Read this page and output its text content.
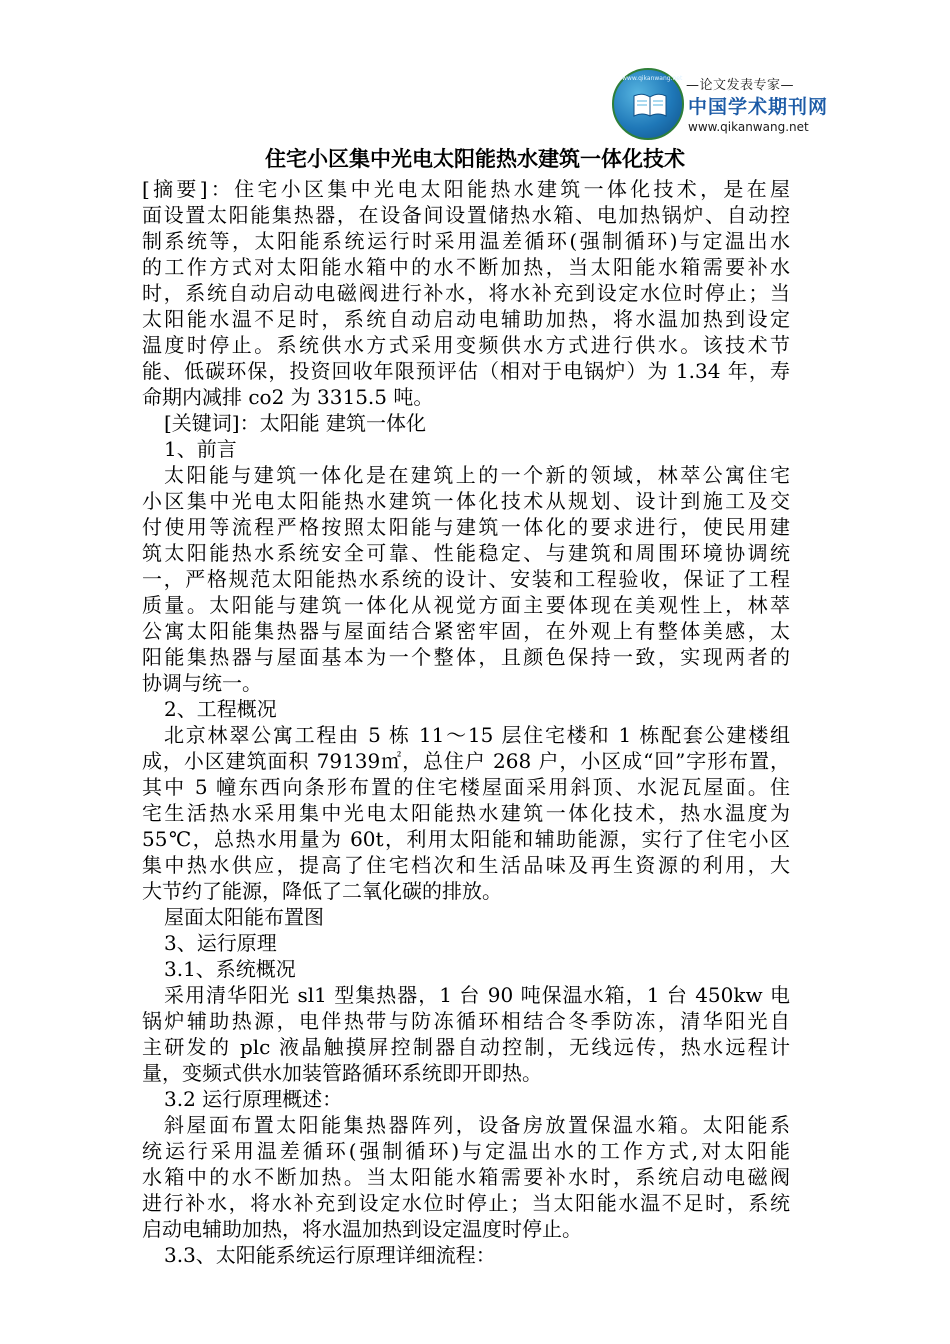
www.qikanwang.net —论文发表专家—
中国学术期刊网
www.qikanwang.net
住宅小区集中光电太阳能热水建筑一体化技术
[摘要]：住宅小区集中光电太阳能热水建筑一体化技术，是在屋
面设置太阳能集热器，在设备间设置储热水箱、电加热锅炉、自动控
制系统等，太阳能系统运行时采用温差循环(强制循环)与定温出水
的工作方式对太阳能水箱中的水不断加热，当太阳能水箱需要补水
时，系统自动启动电磁阀进行补水，将水补充到设定水位时停止；当
太阳能水温不足时，系统自动启动电辅助加热，将水温加热到设定
温度时停止。系统供水方式采用变频供水方式进行供水。该技术节
能、低碳环保，投资回收年限预评估（相对于电锅炉）为 1.34 年，寿
命期内减排 co2 为 3315.5 吨。
[关键词]：太阳能 建筑一体化
1、前言
太阳能与建筑一体化是在建筑上的一个新的领域，林萃公寓住宅
小区集中光电太阳能热水建筑一体化技术从规划、设计到施工及交
付使用等流程严格按照太阳能与建筑一体化的要求进行，使民用建
筑太阳能热水系统安全可靠、性能稳定、与建筑和周围环境协调统
一，严格规范太阳能热水系统的设计、安装和工程验收，保证了工程
质量。太阳能与建筑一体化从视觉方面主要体现在美观性上，林萃
公寓太阳能集热器与屋面结合紧密牢固，在外观上有整体美感，太
阳能集热器与屋面基本为一个整体，且颜色保持一致，实现两者的
协调与统一。
2、工程概况
北京林翠公寓工程由 5 栋 11～15 层住宅楼和 1 栋配套公建楼组
成，小区建筑面积 79139㎡，总住户 268 户，小区成“回”字形布置，
其中 5 幢东西向条形布置的住宅楼屋面采用斜顶、水泥瓦屋面。住
宅生活热水采用集中光电太阳能热水建筑一体化技术，热水温度为
55℃，总热水用量为 60t，利用太阳能和辅助能源，实行了住宅小区
集中热水供应，提高了住宅档次和生活品味及再生资源的利用，大
大节约了能源，降低了二氧化碳的排放。
屋面太阳能布置图
3、运行原理
3.1、系统概况
采用清华阳光 sl1 型集热器，1 台 90 吨保温水箱，1 台 450kw 电
锅炉辅助热源，电伴热带与防冻循环相结合冬季防冻，清华阳光自
主研发的 plc 液晶触摸屏控制器自动控制，无线远传，热水远程计
量，变频式供水加装管路循环系统即开即热。
3.2 运行原理概述：
斜屋面布置太阳能集热器阵列，设备房放置保温水箱。太阳能系
统运行采用温差循环(强制循环)与定温出水的工作方式,对太阳能
水箱中的水不断加热。当太阳能水箱需要补水时，系统启动电磁阀
进行补水，将水补充到设定水位时停止；当太阳能水温不足时，系统
启动电辅助加热，将水温加热到设定温度时停止。
3.3、太阳能系统运行原理详细流程：
